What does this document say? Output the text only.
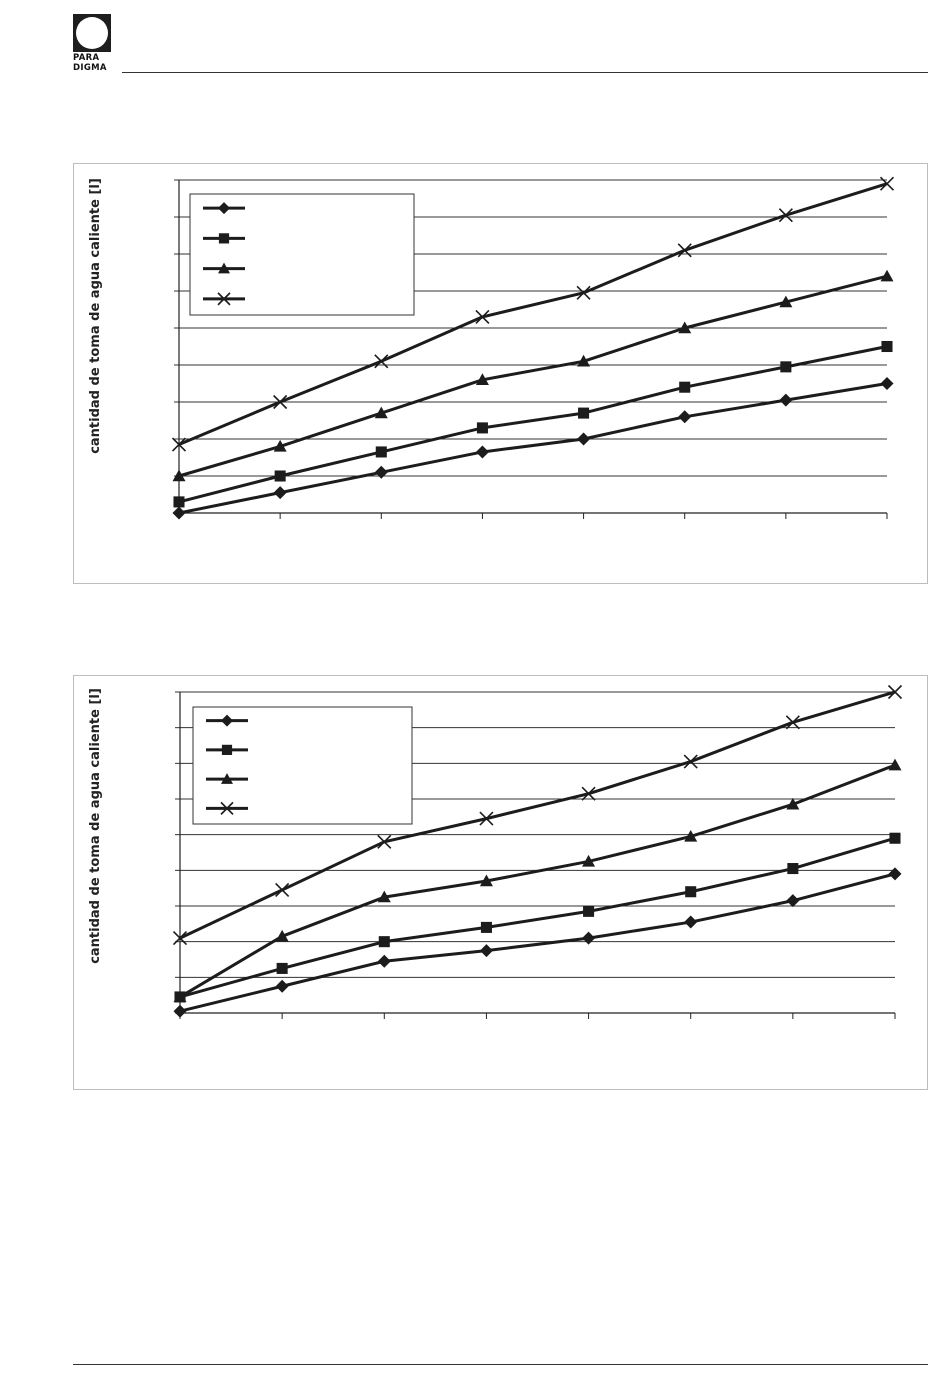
PARA
DIGMA
cantidad de toma de agua caliente [l]
cantidad de toma de agua caliente [l]
